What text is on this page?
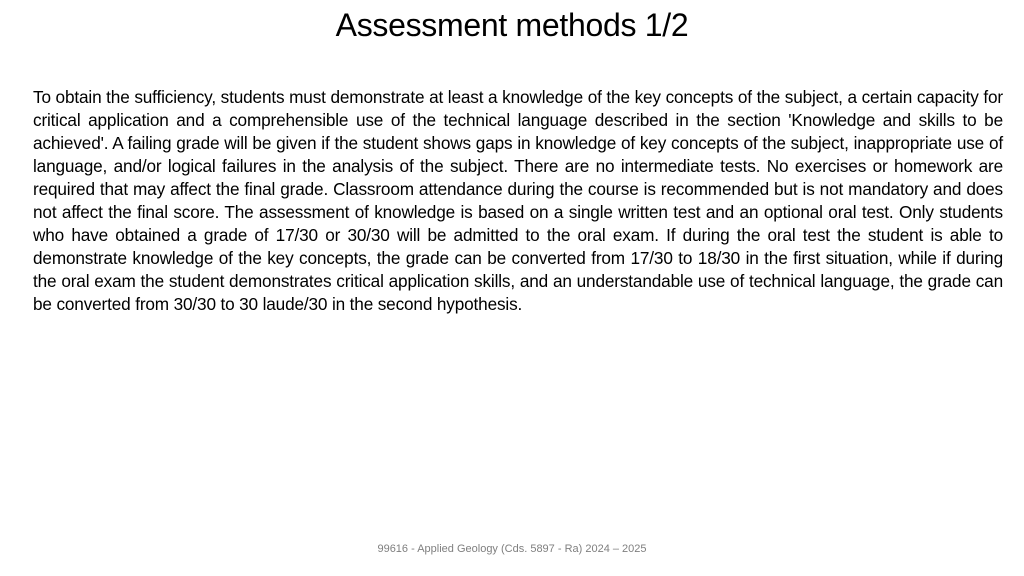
Assessment methods 1/2

To obtain the sufficiency, students must demonstrate at least a knowledge of the key concepts of the subject, a certain capacity for critical application and a comprehensible use of the technical language described in the section 'Knowledge and skills to be achieved'. A failing grade will be given if the student shows gaps in knowledge of key concepts of the subject, inappropriate use of language, and/or logical failures in the analysis of the subject. There are no intermediate tests. No exercises or homework are required that may affect the final grade. Classroom attendance during the course is recommended but is not mandatory and does not affect the final score. The assessment of knowledge is based on a single written test and an optional oral test. Only students who have obtained a grade of 17/30 or 30/30 will be admitted to the oral exam. If during the oral test the student is able to demonstrate knowledge of the key concepts, the grade can be converted from 17/30 to 18/30 in the first situation, while if during the oral exam the student demonstrates critical application skills, and an understandable use of technical language, the grade can be converted from 30/30 to 30 laude/30 in the second hypothesis.

99616 - Applied Geology (Cds. 5897 - Ra) 2024 – 2025
